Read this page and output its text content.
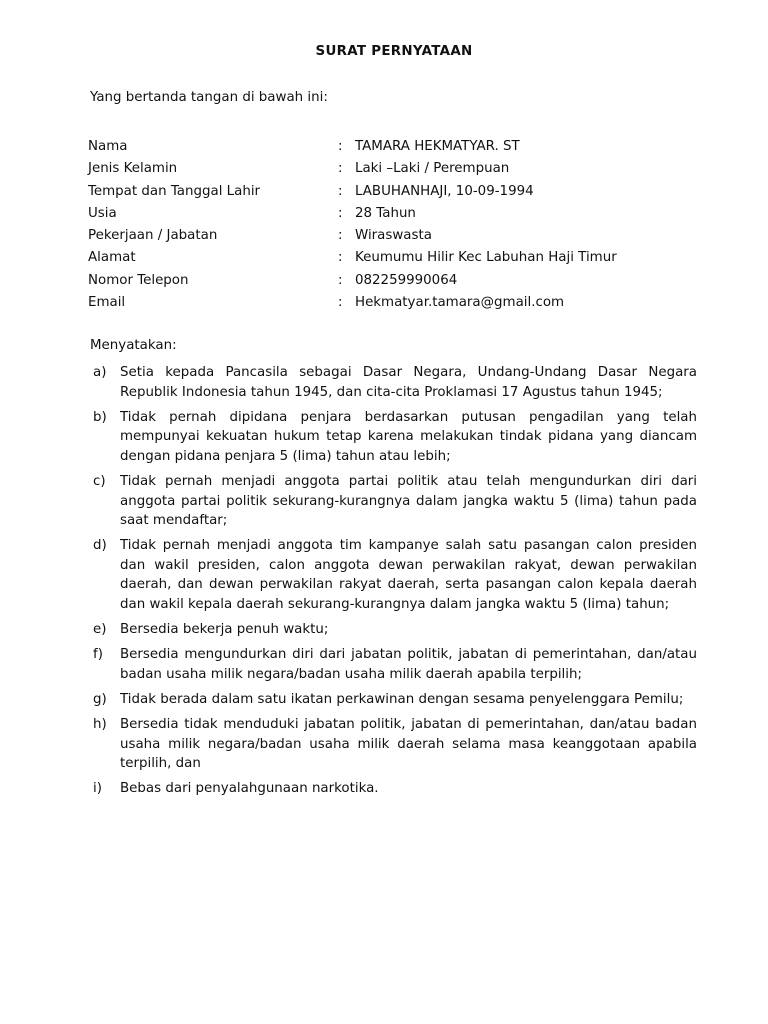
SURAT PERNYATAAN
Yang bertanda tangan di bawah ini:
Nama	: TAMARA HEKMATYAR. ST
Jenis Kelamin	: Laki –Laki / Perempuan
Tempat dan Tanggal Lahir	: LABUHANHAJI, 10-09-1994
Usia	: 28 Tahun
Pekerjaan / Jabatan	: Wiraswasta
Alamat	: Keumumu Hilir Kec Labuhan Haji Timur
Nomor Telepon	: 082259990064
Email	: Hekmatyar.tamara@gmail.com
Menyatakan:
a)	Setia kepada Pancasila sebagai Dasar Negara, Undang-Undang Dasar Negara Republik Indonesia tahun 1945, dan cita-cita Proklamasi 17 Agustus tahun 1945;
b) Tidak pernah dipidana penjara berdasarkan putusan pengadilan yang telah mempunyai kekuatan hukum tetap karena melakukan tindak pidana yang diancam dengan pidana penjara 5 (lima) tahun atau lebih;
c)	Tidak pernah menjadi anggota partai politik atau telah mengundurkan diri dari anggota partai politik sekurang-kurangnya dalam jangka waktu 5 (lima) tahun pada saat mendaftar;
d) Tidak pernah menjadi anggota tim kampanye salah satu pasangan calon presiden dan wakil presiden, calon anggota dewan perwakilan rakyat, dewan perwakilan daerah, dan dewan perwakilan rakyat daerah, serta pasangan calon kepala daerah dan wakil kepala daerah sekurang-kurangnya dalam jangka waktu 5 (lima) tahun;
e)	Bersedia bekerja penuh waktu;
f)	Bersedia mengundurkan diri dari jabatan politik, jabatan di pemerintahan, dan/atau badan usaha milik negara/badan usaha milik daerah apabila terpilih;
g) Tidak berada dalam satu ikatan perkawinan dengan sesama penyelenggara Pemilu;
h) Bersedia tidak menduduki jabatan politik, jabatan di pemerintahan, dan/atau badan usaha milik negara/badan usaha milik daerah selama masa keanggotaan apabila terpilih, dan
i)	Bebas dari penyalahgunaan narkotika.
